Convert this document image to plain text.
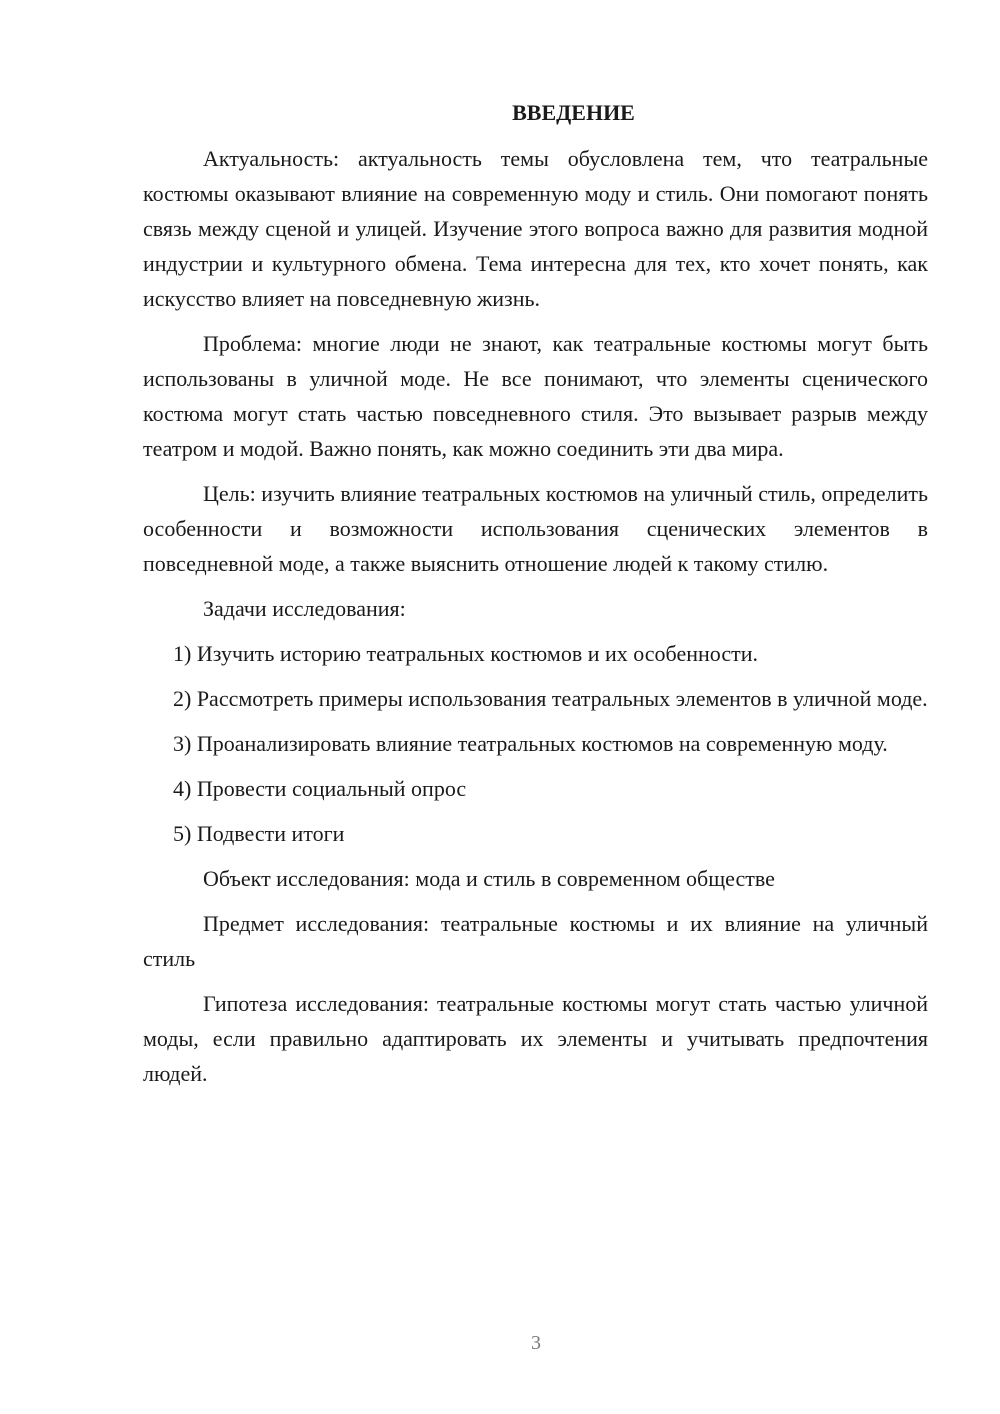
ВВЕДЕНИЕ

Актуальность: актуальность темы обусловлена тем, что театральные костюмы оказывают влияние на современную моду и стиль. Они помогают понять связь между сценой и улицей. Изучение этого вопроса важно для развития модной индустрии и культурного обмена. Тема интересна для тех, кто хочет понять, как искусство влияет на повседневную жизнь.

Проблема: многие люди не знают, как театральные костюмы могут быть использованы в уличной моде. Не все понимают, что элементы сценического костюма могут стать частью повседневного стиля. Это вызывает разрыв между театром и модой. Важно понять, как можно соединить эти два мира.

Цель: изучить влияние театральных костюмов на уличный стиль, определить особенности и возможности использования сценических элементов в повседневной моде, а также выяснить отношение людей к такому стилю.

Задачи исследования:

1) Изучить историю театральных костюмов и их особенности.

2) Рассмотреть примеры использования театральных элементов в уличной моде.

3) Проанализировать влияние театральных костюмов на современную моду.

4) Провести социальный опрос

5) Подвести итоги

Объект исследования: мода и стиль в современном обществе

Предмет исследования: театральные костюмы и их влияние на уличный стиль

Гипотеза исследования: театральные костюмы могут стать частью уличной моды, если правильно адаптировать их элементы и учитывать предпочтения людей.

3
